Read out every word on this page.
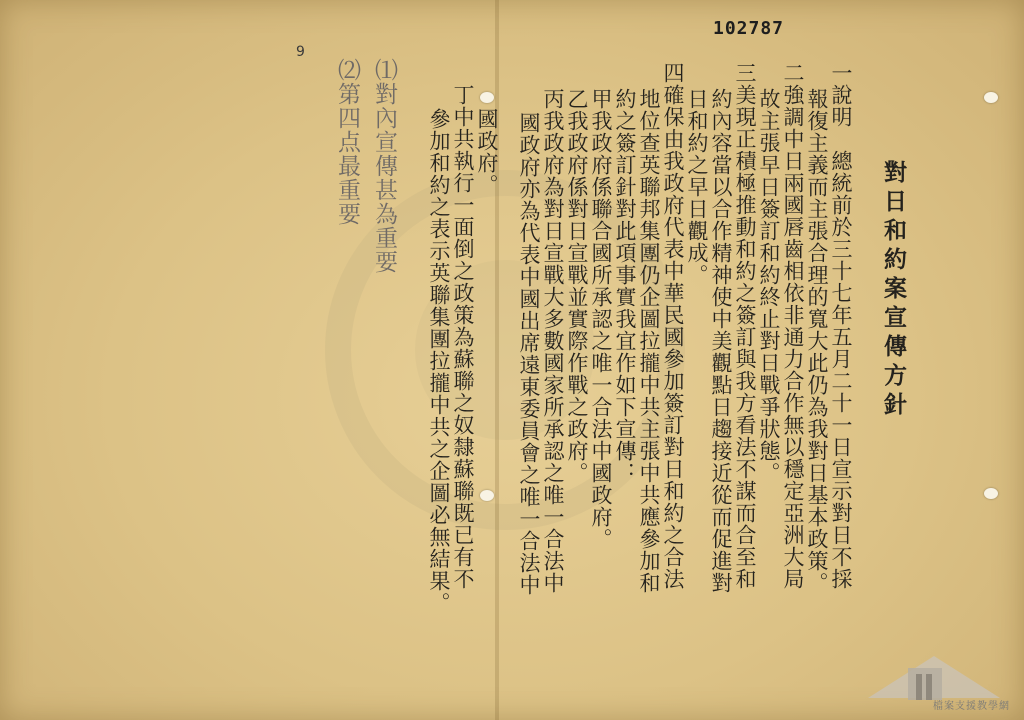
102787
9
對日和約案宣傳方針
一說明
報復主義而主張合理的寬大此仍為我對日基本政策。 總統前於三十七年五月二十一日宣示對日不採
二強調中日兩國唇齒相依非通力合作無以穩定亞洲大局
故主張早日簽訂和約終止對日戰爭狀態。
三美現正積極推動和約之簽訂與我方看法不謀而合至和
約內容當以合作精神使中美觀點日趨接近從而促進對
日和約之早日觀成。
四確保由我政府代表中華民國參加簽訂對日和約之合法
地位查英聯邦集團仍企圖拉攏中共主張中共應參加和
約之簽訂針對此項事實我宜作如下宣傳：
甲我政府係聯合國所承認之唯一合法中國政府。
乙我政府係對日宣戰並實際作戰之政府。
丙我政府為對日宣戰大多數國家所承認之唯一合法中
國政府亦為代表中國出席遠東委員會之唯一合法中
國政府。
丁中共執行一面倒之政策為蘇聯之奴隸蘇聯既已有不
參加和約之表示英聯集團拉攏中共之企圖必無結果。
⑴對內宣傳甚為重要
⑵第四点最重要
檔案支援教學網
